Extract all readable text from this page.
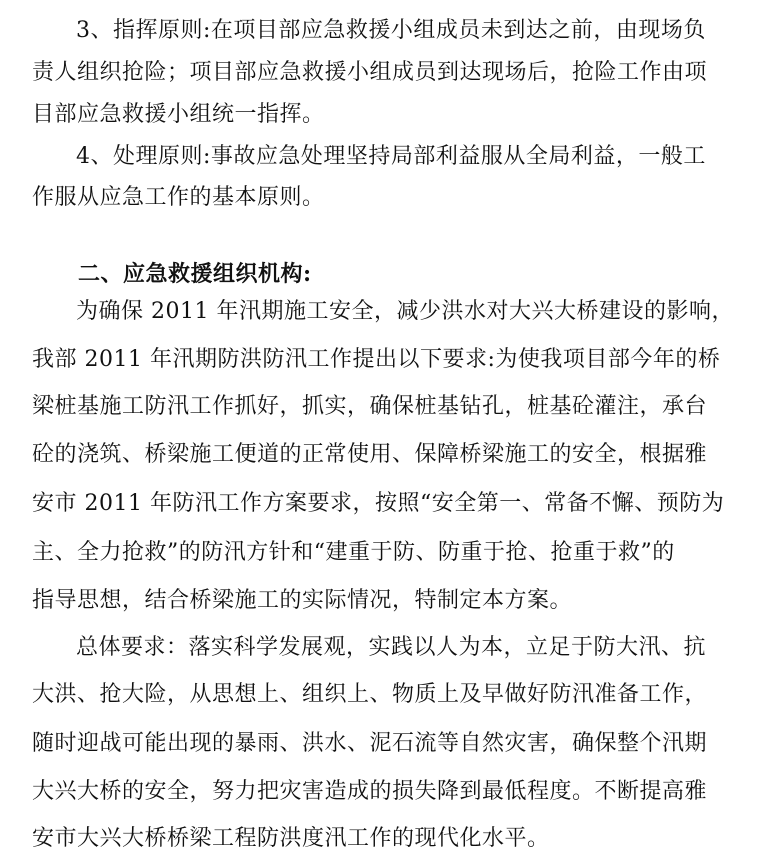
3、指挥原则:在项目部应急救援小组成员未到达之前，由现场负
责人组织抢险；项目部应急救援小组成员到达现场后，抢险工作由项
目部应急救援小组统一指挥。
4、处理原则:事故应急处理坚持局部利益服从全局利益，一般工
作服从应急工作的基本原则。
二、应急救援组织机构:
为确保 2011 年汛期施工安全，减少洪水对大兴大桥建设的影响，
我部 2011 年汛期防洪防汛工作提出以下要求:为使我项目部今年的桥
梁桩基施工防汛工作抓好，抓实，确保桩基钻孔，桩基砼灌注，承台
砼的浇筑、桥梁施工便道的正常使用、保障桥梁施工的安全，根据雅
安市 2011 年防汛工作方案要求，按照“安全第一、常备不懈、预防为
主、全力抢救”的防汛方针和“建重于防、防重于抢、抢重于救”的
指导思想，结合桥梁施工的实际情况，特制定本方案。
总体要求：落实科学发展观，实践以人为本，立足于防大汛、抗
大洪、抢大险，从思想上、组织上、物质上及早做好防汛准备工作，
随时迎战可能出现的暴雨、洪水、泥石流等自然灾害，确保整个汛期
大兴大桥的安全，努力把灾害造成的损失降到最低程度。不断提高雅
安市大兴大桥桥梁工程防洪度汛工作的现代化水平。
